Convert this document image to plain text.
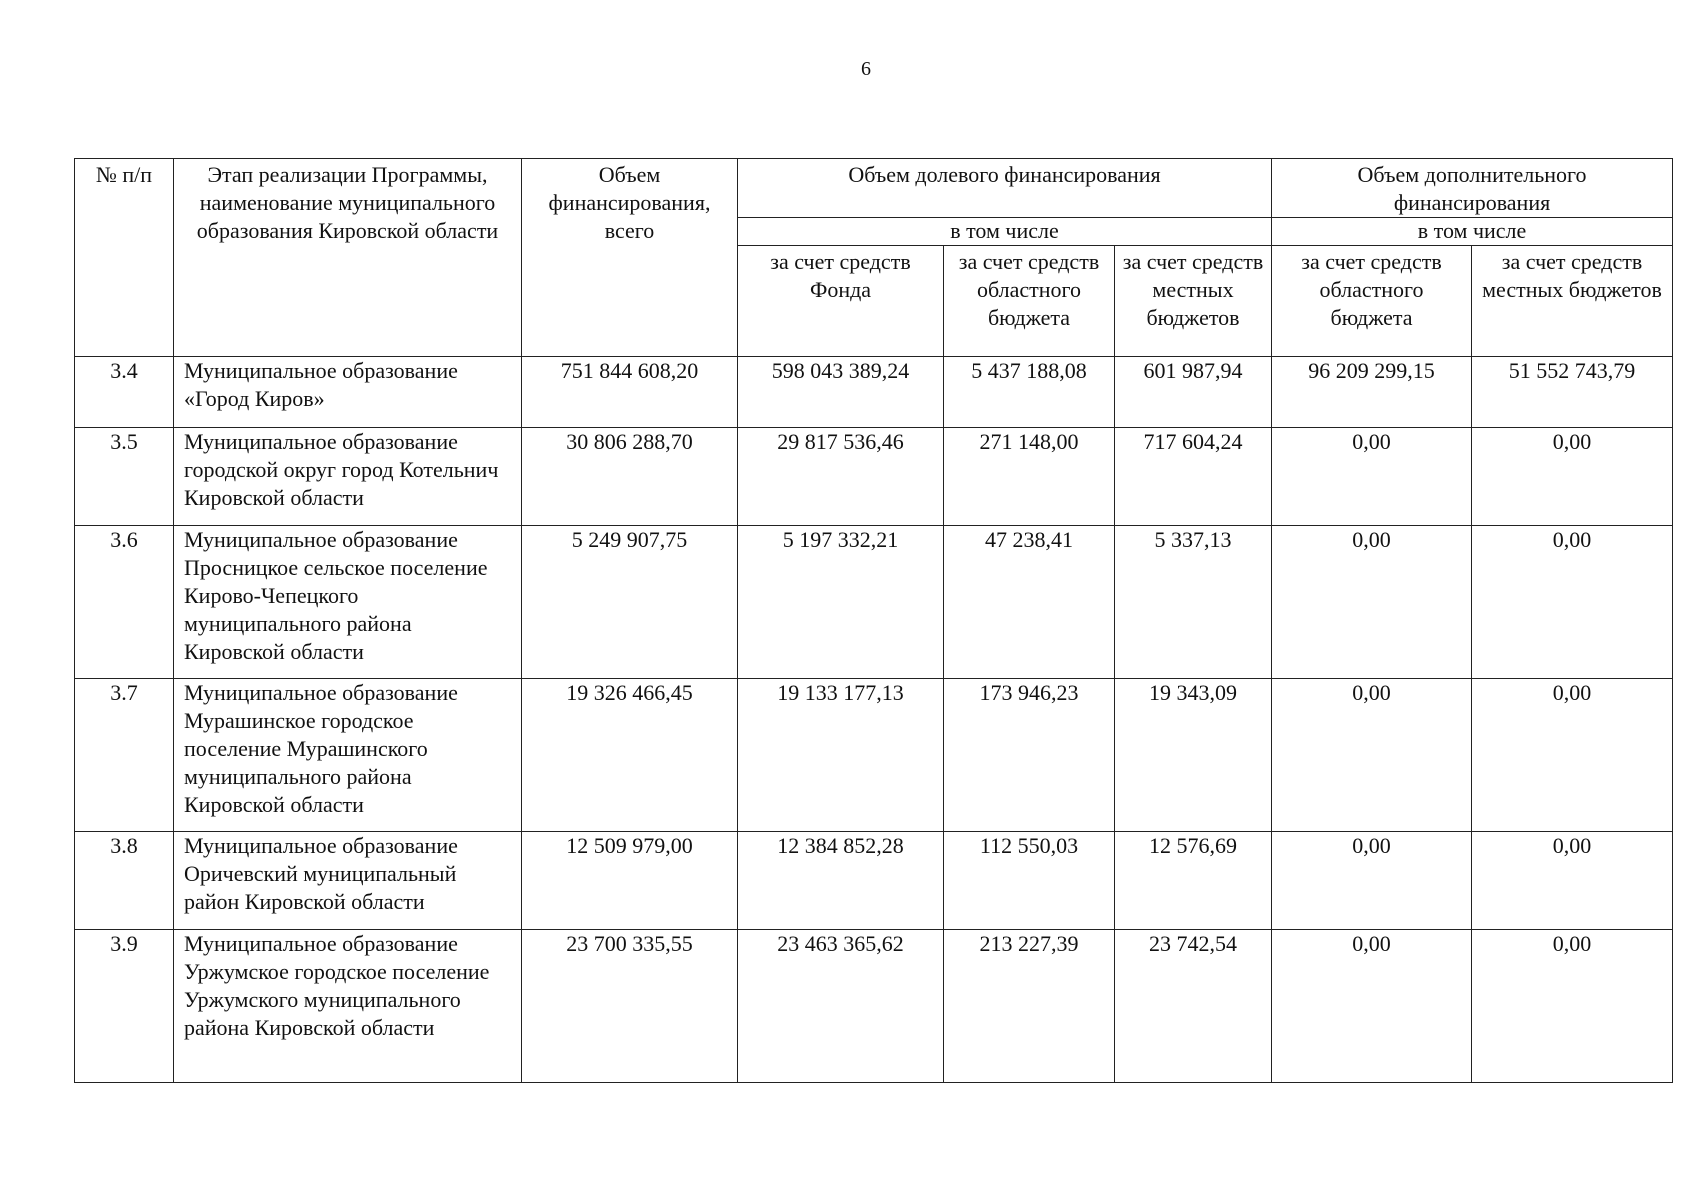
6
№ п/п	Этап реализации Программы, наименование муниципального образования Кировской области	Объем финансирования, всего	Объем долевого финансирования			Объем дополнительного финансирования	
			в том числе			в том числе	
			за счет средств Фонда	за счет средств областного бюджета	за счет средств местных бюджетов	за счет средств областного бюджета	за счет средств местных бюджетов
3.4	Муниципальное образование «Город Киров»	751 844 608,20	598 043 389,24	5 437 188,08	601 987,94	96 209 299,15	51 552 743,79
3.5	Муниципальное образование городской округ город Котельнич Кировской области	30 806 288,70	29 817 536,46	271 148,00	717 604,24	0,00	0,00
3.6	Муниципальное образование Просницкое сельское поселение Кирово-Чепецкого муниципального района Кировской области	5 249 907,75	5 197 332,21	47 238,41	5 337,13	0,00	0,00
3.7	Муниципальное образование Мурашинское городское поселение Мурашинского муниципального района Кировской области	19 326 466,45	19 133 177,13	173 946,23	19 343,09	0,00	0,00
3.8	Муниципальное образование Оричевский муниципальный район Кировской области	12 509 979,00	12 384 852,28	112 550,03	12 576,69	0,00	0,00
3.9	Муниципальное образование Уржумское городское поселение Уржумского муниципального района Кировской области	23 700 335,55	23 463 365,62	213 227,39	23 742,54	0,00	0,00
